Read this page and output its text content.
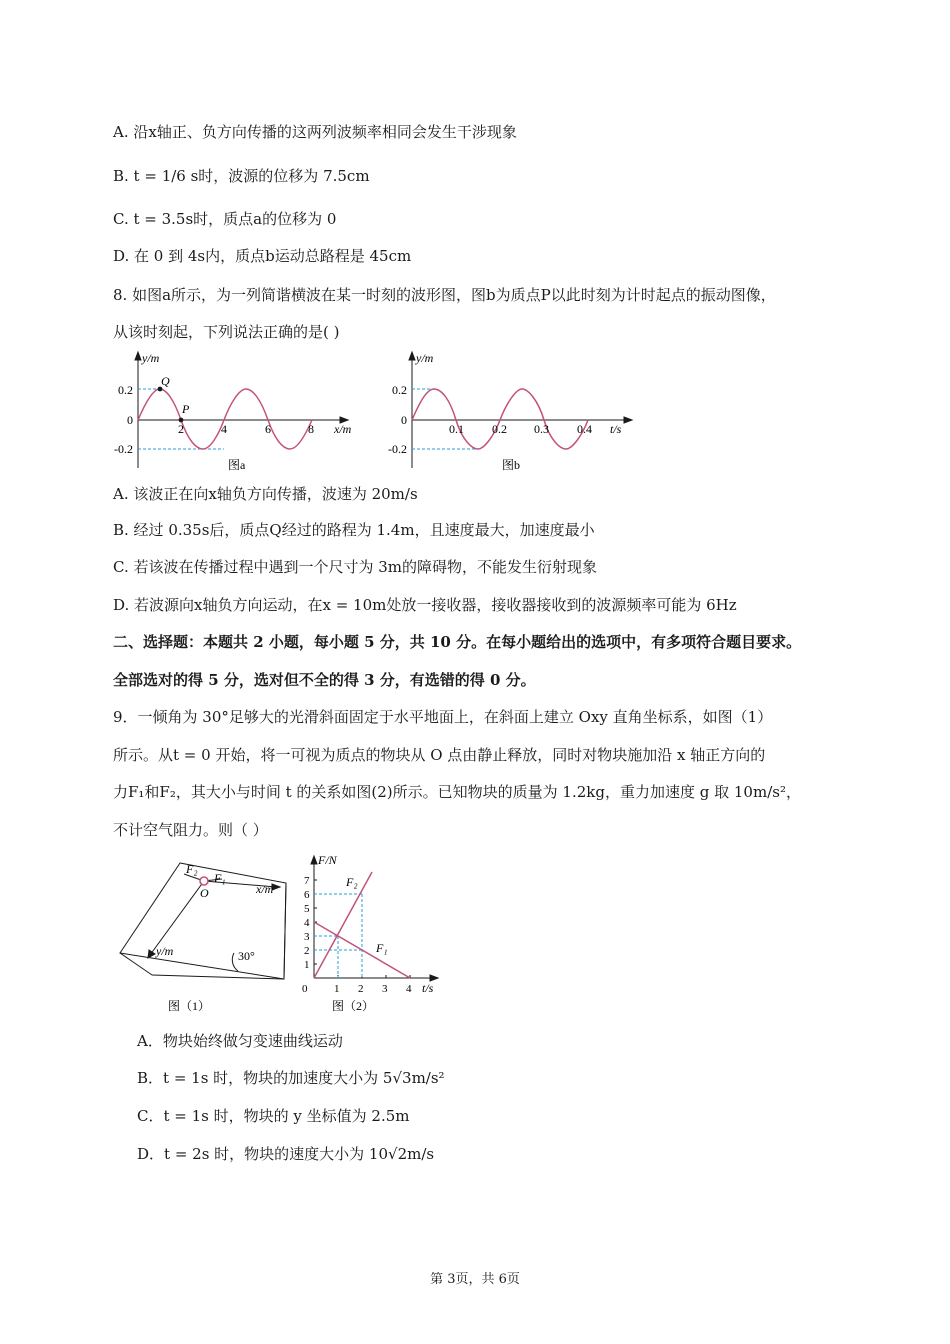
A. 沿x轴正、负方向传播的这两列波频率相同会发生干涉现象
B. t = 1/6 s时，波源的位移为 7.5cm
C. t = 3.5s时，质点a的位移为 0
D. 在 0 到 4s内，质点b运动总路程是 45cm
8. 如图a所示，为一列简谐横波在某一时刻的波形图，图b为质点P以此时刻为计时起点的振动图像，
从该时刻起，下列说法正确的是( )
y/m
Q
P
0.2
0
-0.2
2	4	6	8 x/m
图a
y/m
0.2
0
-0.2
0.1 0.2 0.3 0.4 t/s
图b
A. 该波正在向x轴负方向传播，波速为 20m/s
B. 经过 0.35s后，质点Q经过的路程为 1.4m，且速度最大，加速度最小
C. 若该波在传播过程中遇到一个尺寸为 3m的障碍物，不能发生衍射现象
D. 若波源向x轴负方向运动，在x = 10m处放一接收器，接收器接收到的波源频率可能为 6Hz
二、选择题：本题共 2 小题，每小题 5 分，共 10 分。在每小题给出的选项中，有多项符合题目要求。
全部选对的得 5 分，选对但不全的得 3 分，有选错的得 0 分。
9．一倾角为 30°足够大的光滑斜面固定于水平地面上，在斜面上建立 Oxy 直角坐标系，如图（1）
所示。从t = 0 开始，将一可视为质点的物块从 O 点由静止释放，同时对物块施加沿 x 轴正方向的
力F₁和F₂，其大小与时间 t 的关系如图(2)所示。已知物块的质量为 1.2kg，重力加速度 g 取 10m/s²，
不计空气阻力。则（ ）
F₂
F₁
O	x/m
y/m	30°
图（1）
F/N
1
2
3
4
5
6
7
0 1 2 3 4 t/s
F₂
F₁
图（2）
A．物块始终做匀变速曲线运动
B．t = 1s 时，物块的加速度大小为 5√3m/s²
C．t = 1s 时，物块的 y 坐标值为 2.5m
D．t = 2s 时，物块的速度大小为 10√2m/s
第 3页，共 6页
